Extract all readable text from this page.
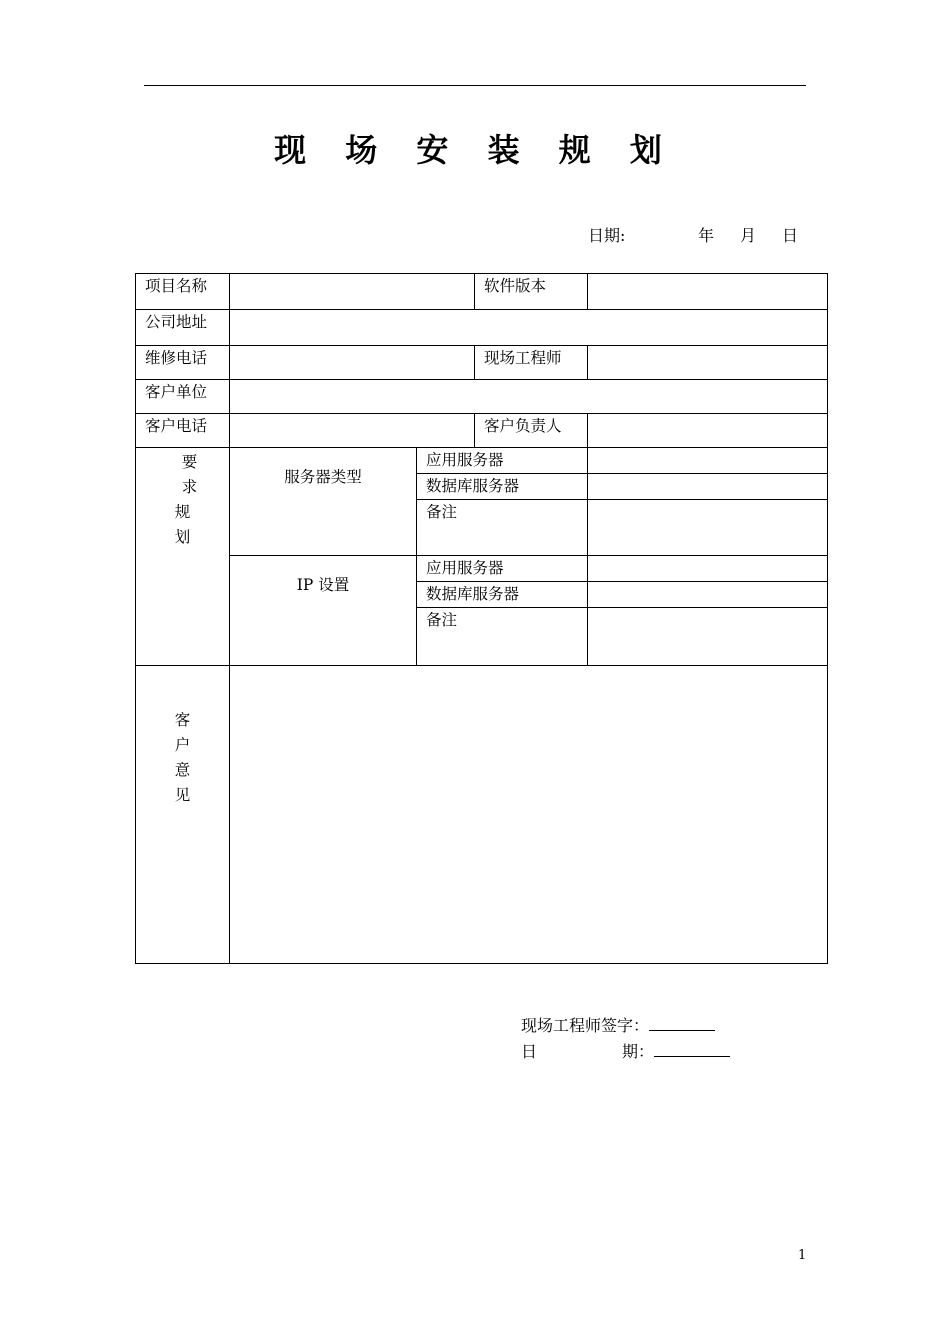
现 场 安 装 规 划
日期:	年 月 日
项目名称			软件版本	
公司地址				
维修电话			现场工程师	
客户单位				
客户电话			客户负责人	

要
求
规
划	服务器类型	应用服务器		
		数据库服务器		
		备注		
	IP 设置	应用服务器		
		数据库服务器		
		备注		

客
户
意
见				

现场工程师签字：
日	期：
1
